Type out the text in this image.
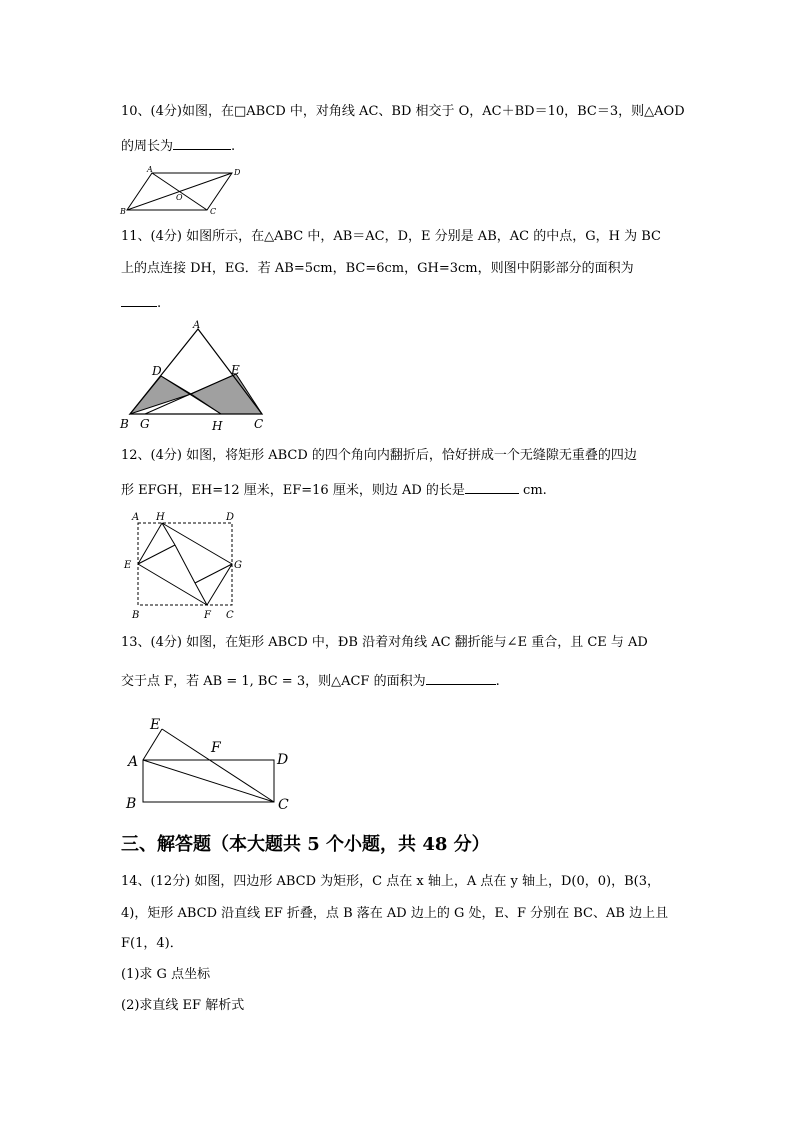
10、(4分)如图，在□ABCD 中，对角线 AC、BD 相交于 O，AC＋BD＝10，BC＝3，则△AOD
的周长为	.
A	D
B	C
O
11、(4分) 如图所示，在△ABC 中，AB＝AC，D，E 分别是 AB，AC 的中点，G，H 为 BC
上的点连接 DH，EG．若 AB=5cm，BC=6cm，GH=3cm，则图中阴影部分的面积为
.
A
D	E
B G	H	C
12、(4分) 如图，将矩形 ABCD 的四个角向内翻折后，恰好拼成一个无缝隙无重叠的四边
形 EFGH，EH=12 厘米，EF=16 厘米，则边 AD 的长是	cm.
A H	D
E	G
B	F C
13、(4分) 如图，在矩形 ABCD 中，ÐB 沿着对角线 AC 翻折能与∠E 重合，且 CE 与 AD
交于点 F，若 AB = 1, BC = 3，则△ACF 的面积为	.
E
F
A	D
B	C
三、解答题（本大题共 5 个小题，共 48 分）
14、(12分) 如图，四边形 ABCD 为矩形，C 点在 x 轴上，A 点在 y 轴上，D(0，0)，B(3，
4)，矩形 ABCD 沿直线 EF 折叠，点 B 落在 AD 边上的 G 处，E、F 分别在 BC、AB 边上且
F(1，4)．
(1)求 G 点坐标
(2)求直线 EF 解析式
